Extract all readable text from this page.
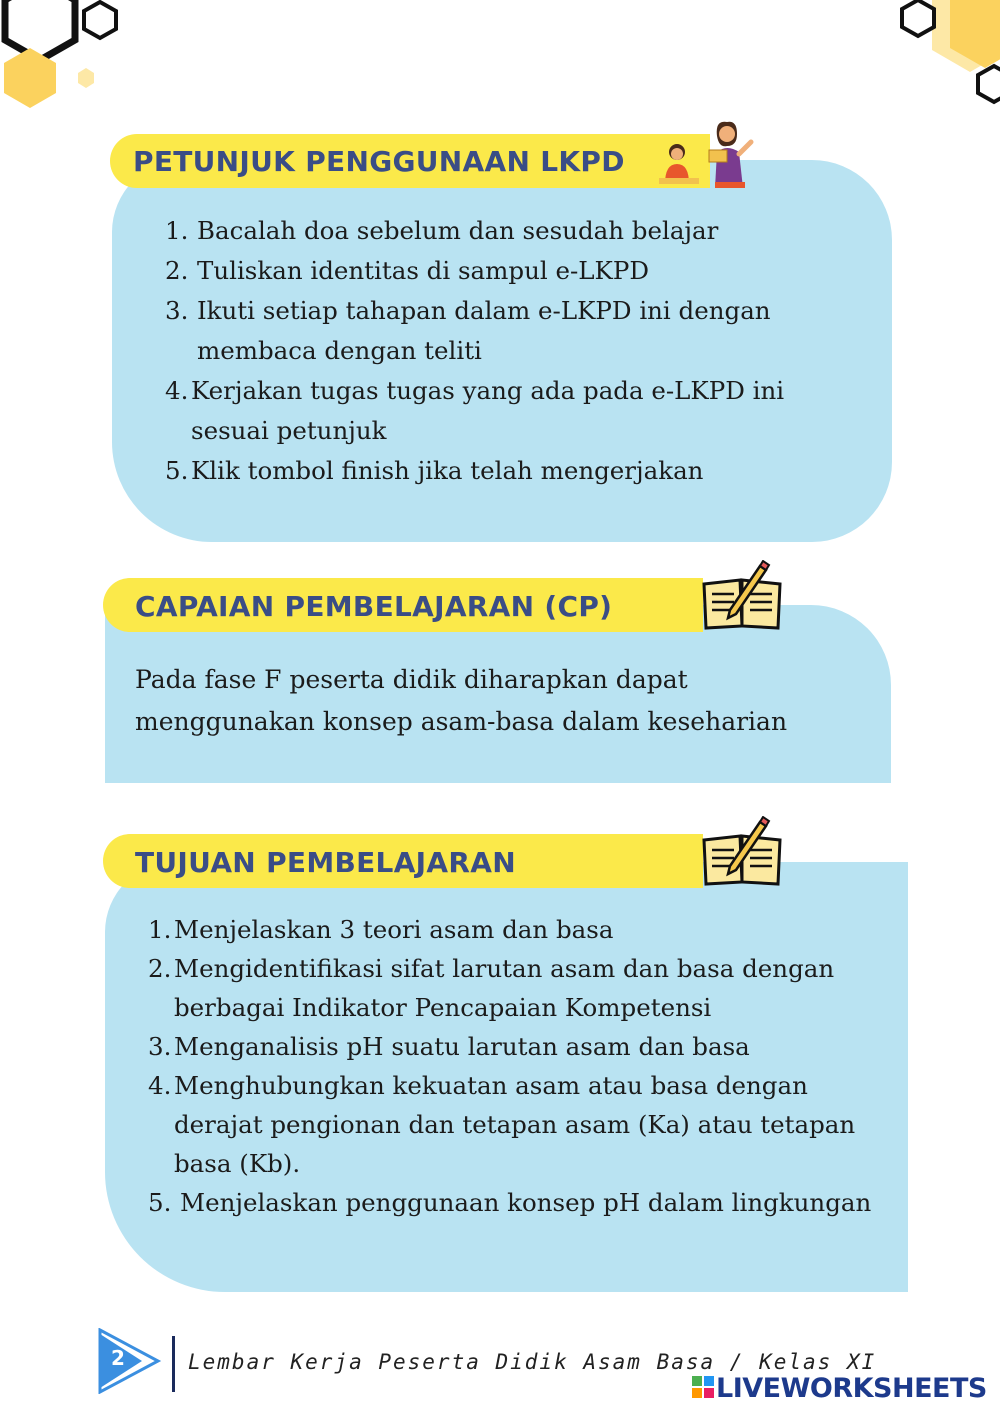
PETUNJUK PENGGUNAAN LKPD
1. Bacalah doa sebelum dan sesudah belajar
2. Tuliskan identitas di sampul e-LKPD
3. Ikuti setiap tahapan dalam e-LKPD ini dengan membaca dengan teliti
4. Kerjakan tugas tugas yang ada pada e-LKPD ini sesuai petunjuk
5. Klik tombol finish jika telah mengerjakan
CAPAIAN PEMBELAJARAN (CP)

Pada fase F peserta didik diharapkan dapat menggunakan konsep asam-basa dalam keseharian

TUJUAN PEMBELAJARAN
1. Menjelaskan 3 teori asam dan basa
2. Mengidentifikasi sifat larutan asam dan basa dengan berbagai Indikator Pencapaian Kompetensi
3. Menganalisis pH suatu larutan asam dan basa
4. Menghubungkan kekuatan asam atau basa dengan derajat pengionan dan tetapan asam (Ka) atau tetapan basa (Kb).
5. Menjelaskan penggunaan konsep pH dalam lingkungan
2	Lembar Kerja Peserta Didik Asam Basa / Kelas XI
LIVEWORKSHEETS
